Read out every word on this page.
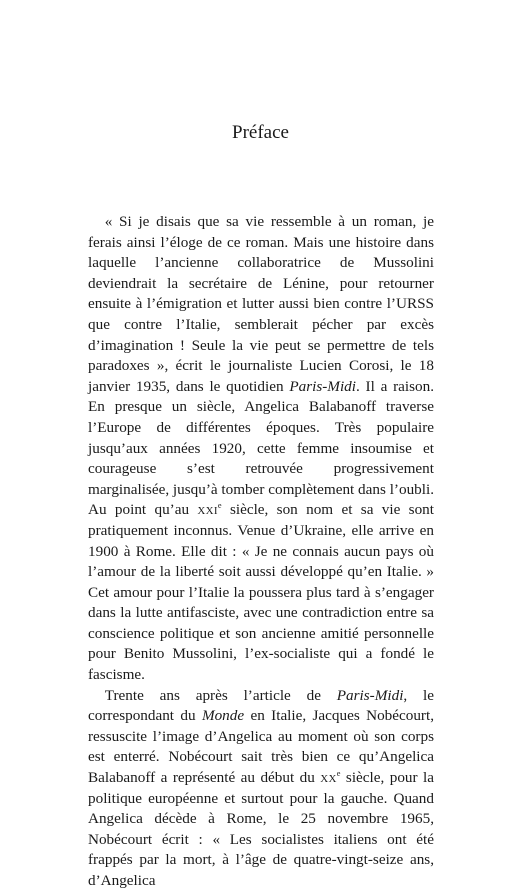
Préface

« Si je disais que sa vie ressemble à un roman, je ferais ainsi l’éloge de ce roman. Mais une histoire dans laquelle l’ancienne collaboratrice de Mussolini deviendrait la secrétaire de Lénine, pour retourner ensuite à l’émigration et lutter aussi bien contre l’URSS que contre l’Italie, semblerait pécher par excès d’imagination ! Seule la vie peut se permettre de tels paradoxes », écrit le journaliste Lucien Corosi, le 18 janvier 1935, dans le quotidien Paris-Midi. Il a raison. En presque un siècle, Angelica Balabanoff traverse l’Europe de différentes époques. Très populaire jusqu’aux années 1920, cette femme insoumise et courageuse s’est retrouvée progressivement marginalisée, jusqu’à tomber complètement dans l’oubli. Au point qu’au xxi$^e$ siècle, son nom et sa vie sont pratiquement inconnus. Venue d’Ukraine, elle arrive en 1900 à Rome. Elle dit : « Je ne connais aucun pays où l’amour de la liberté soit aussi développé qu’en Italie. » Cet amour pour l’Italie la poussera plus tard à s’engager dans la lutte antifasciste, avec une contradiction entre sa conscience politique et son ancienne amitié personnelle pour Benito Mussolini, l’ex-socialiste qui a fondé le fascisme.

Trente ans après l’article de Paris-Midi, le correspondant du Monde en Italie, Jacques Nobécourt, ressuscite l’image d’Angelica au moment où son corps est enterré. Nobécourt sait très bien ce qu’Angelica Balabanoff a représenté au début du $xx^e$ siècle, pour la politique européenne et surtout pour la gauche. Quand Angelica décède à Rome, le 25 novembre 1965, Nobécourt écrit : « Les socialistes italiens ont été frappés par la mort, à l’âge de quatre-vingt-seize ans, d’Angelica
